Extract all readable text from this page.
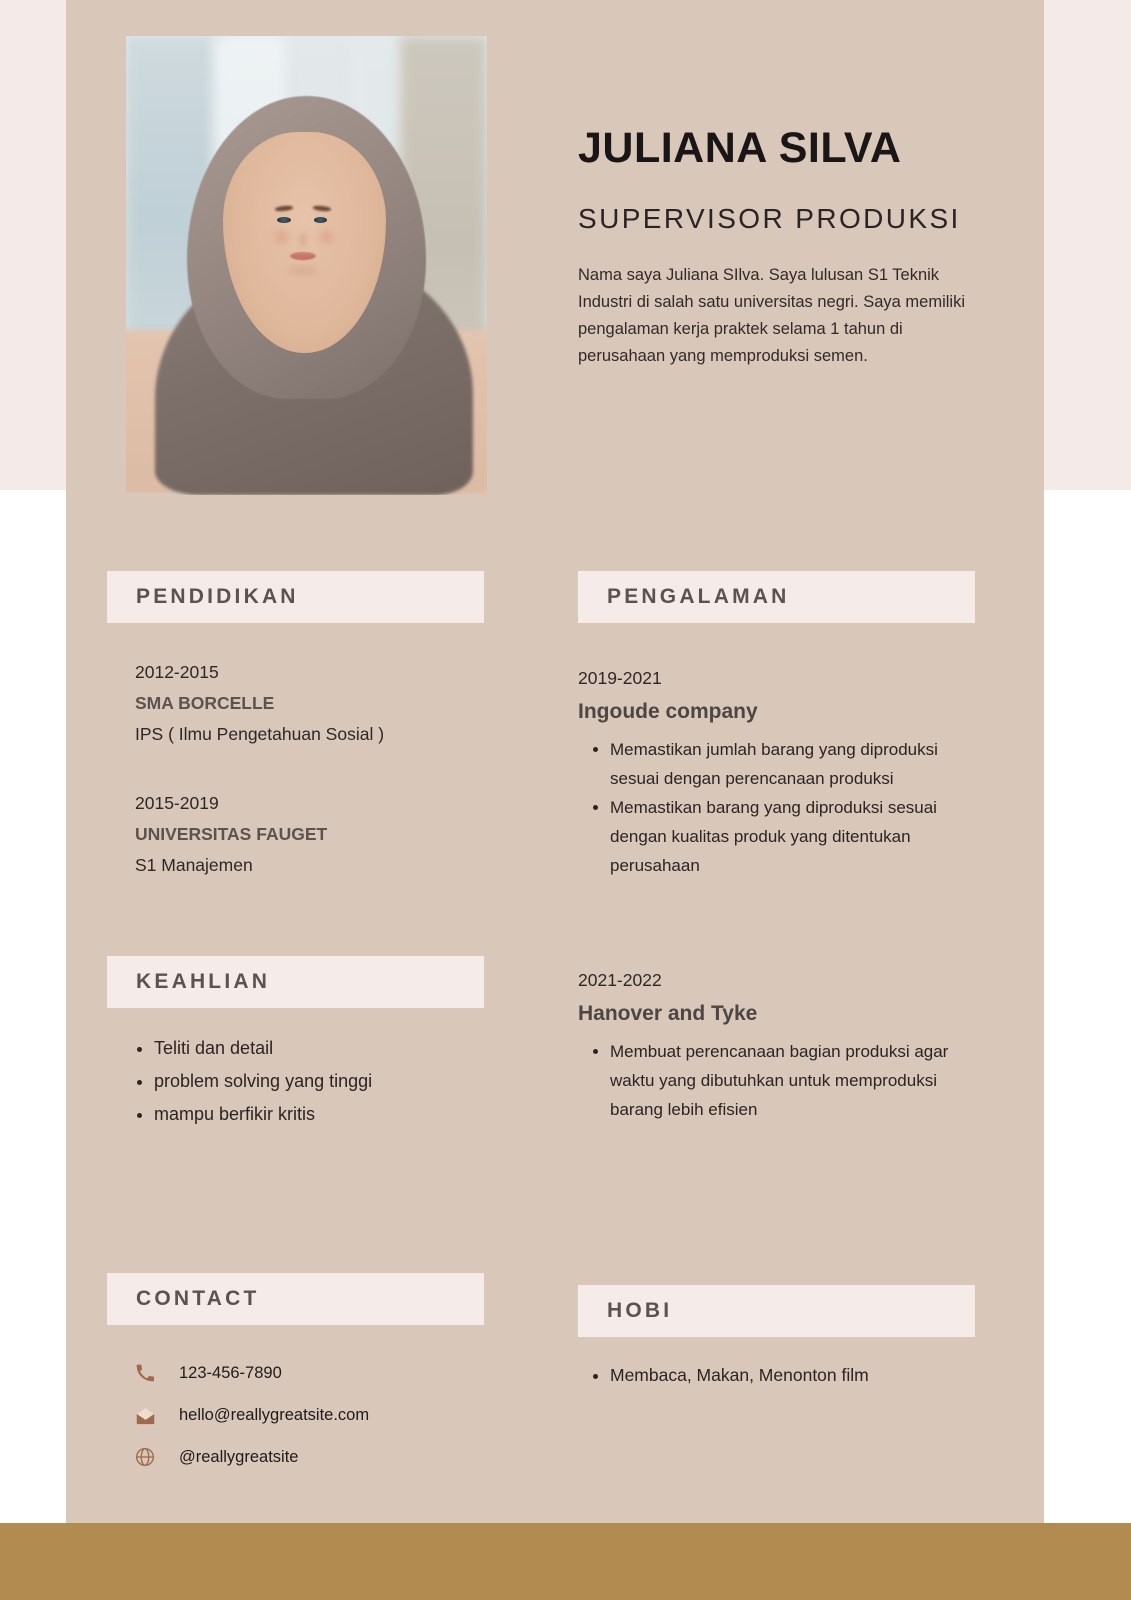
JULIANA SILVA
SUPERVISOR PRODUKSI
Nama saya Juliana SIlva. Saya lulusan S1 Teknik Industri di salah satu universitas negri. Saya memiliki pengalaman kerja praktek selama 1 tahun di perusahaan yang memproduksi semen.
PENDIDIKAN
2012-2015
SMA BORCELLE
IPS ( Ilmu Pengetahuan Sosial )
2015-2019
UNIVERSITAS FAUGET
S1 Manajemen
PENGALAMAN
2019-2021
Ingoude company
• Memastikan jumlah barang yang diproduksi sesuai dengan perencanaan produksi
• Memastikan barang yang diproduksi sesuai dengan kualitas produk yang ditentukan perusahaan
2021-2022
Hanover and Tyke
• Membuat perencanaan bagian produksi agar waktu yang dibutuhkan untuk memproduksi barang lebih efisien
KEAHLIAN
• Teliti dan detail
• problem solving yang tinggi
• mampu berfikir kritis
CONTACT
123-456-7890
hello@reallygreatsite.com
@reallygreatsite
HOBI
• Membaca, Makan, Menonton film
